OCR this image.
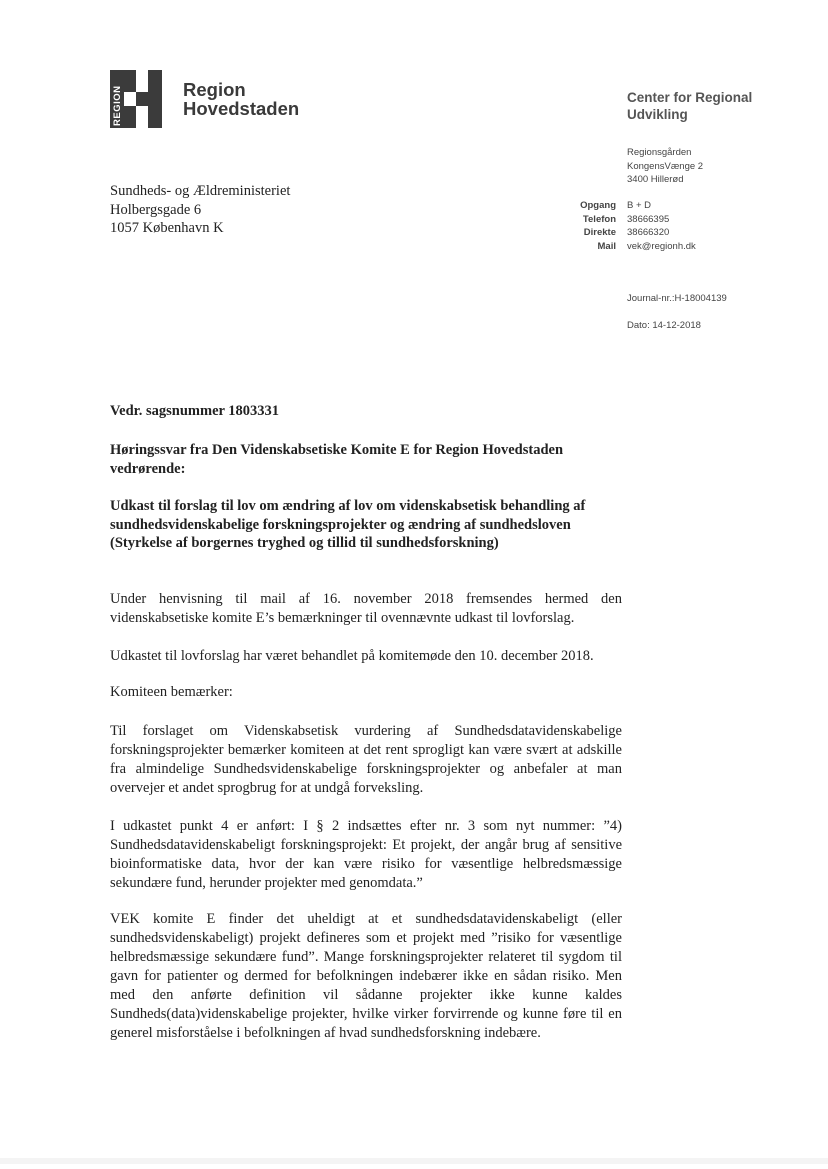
REGION	Region
Hovedstaden
Center for Regional
Udvikling
Regionsgården
KongensVænge 2
3400 Hillerød
Opgang	B + D
Telefon	38666395
Direkte	38666320
Mail	vek@regionh.dk
Journal-nr.:H-18004139
Dato: 14-12-2018
Sundheds- og Ældreministeriet
Holbergsgade 6
1057 København K
Vedr. sagsnummer 1803331
Høringssvar fra Den Videnskabsetiske Komite E for Region Hovedstaden vedrørende:
Udkast til forslag til lov om ændring af lov om videnskabsetisk behandling af sundhedsvidenskabelige forskningsprojekter og ændring af sundhedsloven (Styrkelse af borgernes tryghed og tillid til sundhedsforskning)
Under henvisning til mail af 16. november 2018 fremsendes hermed den videnskabsetiske komite E’s bemærkninger til ovennævnte udkast til lovforslag.
Udkastet til lovforslag har været behandlet på komitemøde den 10. december 2018.
Komiteen bemærker:
Til forslaget om Videnskabsetisk vurdering af Sundhedsdatavidenskabelige forskningsprojekter bemærker komiteen at det rent sprogligt kan være svært at adskille fra almindelige Sundhedsvidenskabelige forskningsprojekter og anbefaler at man overvejer et andet sprogbrug for at undgå forveksling.
I udkastet punkt 4 er anført: I § 2 indsættes efter nr. 3 som nyt nummer: ”4) Sundhedsdatavidenskabeligt forskningsprojekt: Et projekt, der angår brug af sensitive bioinformatiske data, hvor der kan være risiko for væsentlige helbredsmæssige sekundære fund, herunder projekter med genomdata.”
VEK komite E finder det uheldigt at et sundhedsdatavidenskabeligt (eller sundhedsvidenskabeligt) projekt defineres som et projekt med ”risiko for væsentlige helbredsmæssige sekundære fund”. Mange forskningsprojekter relateret til sygdom til gavn for patienter og dermed for befolkningen indebærer ikke en sådan risiko. Men med den anførte definition vil sådanne projekter ikke kunne kaldes Sundheds(data)videnskabelige projekter, hvilke virker forvirrende og kunne føre til en generel misforståelse i befolkningen af hvad sundhedsforskning indebære.
